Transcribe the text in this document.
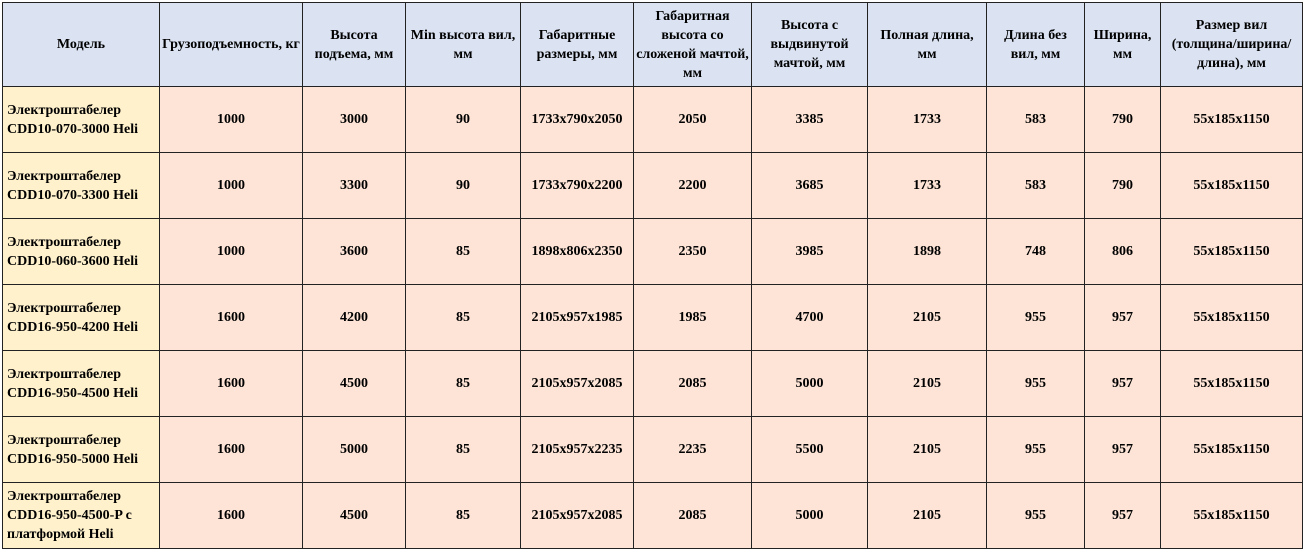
Модель	Грузоподъемность, кг	Высота подъема, мм	Min высота вил, мм	Габаритные размеры, мм	Габаритная высота со сложеной мачтой, мм	Высота с выдвинутой мачтой, мм	Полная длина, мм	Длина без вил, мм	Ширина, мм	Размер вил (толщина/ширина/длина), мм
Электроштабелер CDD10-070-3000 Heli	1000	3000	90	1733x790x2050	2050	3385	1733	583	790	55x185x1150
Электроштабелер CDD10-070-3300 Heli	1000	3300	90	1733x790x2200	2200	3685	1733	583	790	55x185x1150
Электроштабелер CDD10-060-3600 Heli	1000	3600	85	1898x806x2350	2350	3985	1898	748	806	55x185x1150
Электроштабелер CDD16-950-4200 Heli	1600	4200	85	2105x957x1985	1985	4700	2105	955	957	55x185x1150
Электроштабелер CDD16-950-4500 Heli	1600	4500	85	2105x957x2085	2085	5000	2105	955	957	55x185x1150
Электроштабелер CDD16-950-5000 Heli	1600	5000	85	2105x957x2235	2235	5500	2105	955	957	55x185x1150
Электроштабелер CDD16-950-4500-P с платформой Heli	1600	4500	85	2105x957x2085	2085	5000	2105	955	957	55x185x1150
